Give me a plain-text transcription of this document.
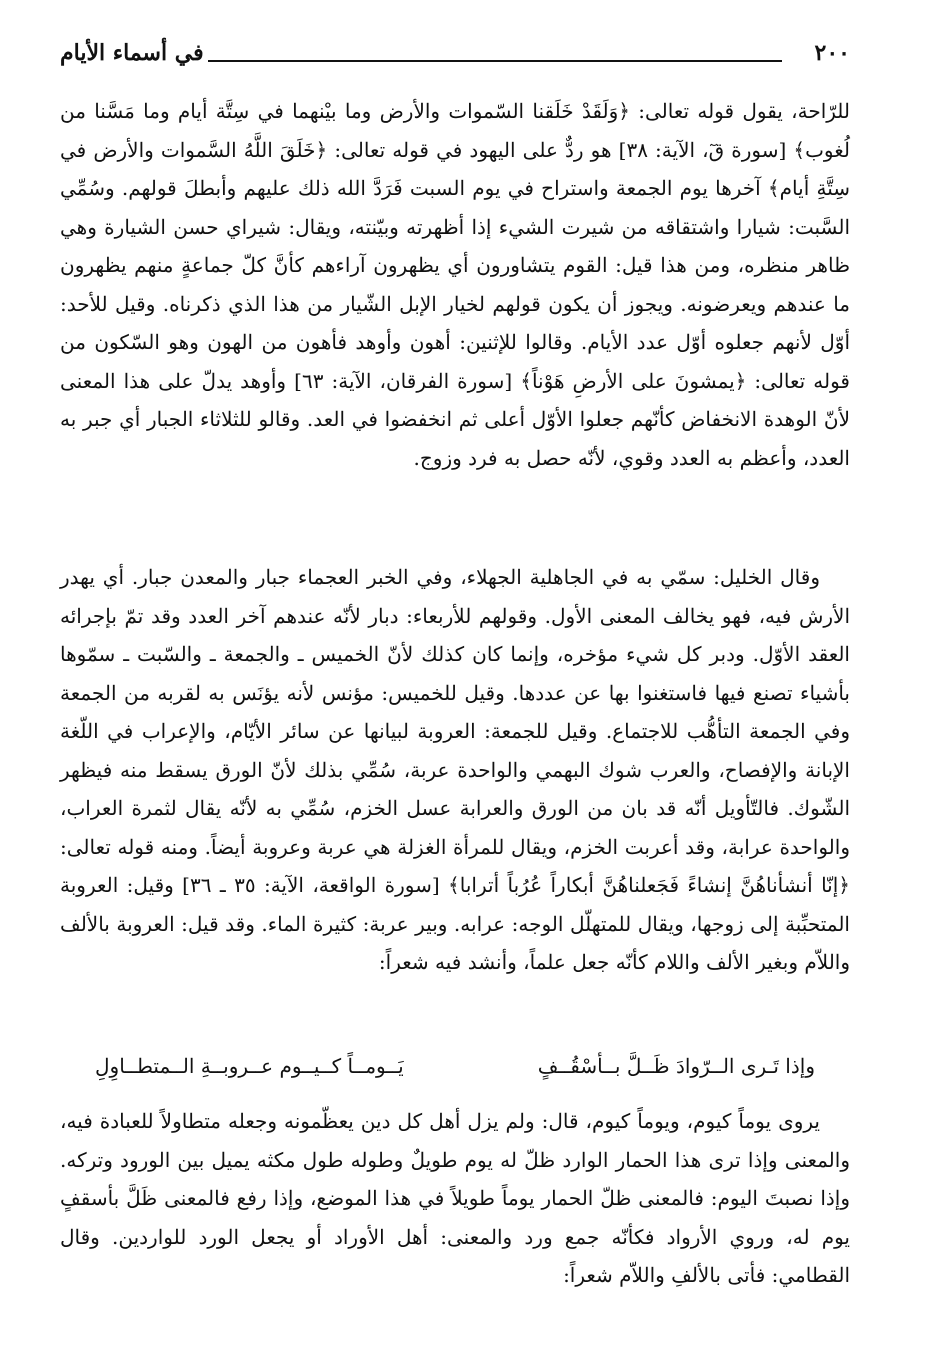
في أسماء الأيام	٢٠٠

للرّاحة، يقول قوله تعالى: ﴿وَلَقَدْ خَلَقنا السّموات والأرض وما بيْنهما في سِتَّة أيام وما مَسَّنا من لُغوب﴾ [سورة قٓ، الآية: ٣٨] هو ردٌّ على اليهود في قوله تعالى: ﴿خَلَقَ اللَّهُ السَّموات والأرض في سِتَّةِ أيام﴾ آخرها يوم الجمعة واستراح في يوم السبت فَرَدَّ الله ذلك عليهم وأبطلَ قولهم. وسُمِّي السَّبت: شيارا واشتقاقه من شيرت الشيء إذا أظهرته وبيّنته، ويقال: شيراي حسن الشيارة وهي ظاهر منظره، ومن هذا قيل: القوم يتشاورون أي يظهرون آراءهم كأنَّ كلّ جماعةٍ منهم يظهرون ما عندهم ويعرضونه. ويجوز أن يكون قولهم لخيار الإبل الشّيار من هذا الذي ذكرناه. وقيل للأحد: أوّل لأنهم جعلوه أوّل عدد الأيام. وقالوا للإثنين: أهون وأوهد فأهون من الهون وهو السّكون من قوله تعالى: ﴿يمشونَ على الأرضِ هَوْناً﴾ [سورة الفرقان، الآية: ٦٣] وأوهد يدلّ على هذا المعنى لأنّ الوهدة الانخفاض كأنّهم جعلوا الأوّل أعلى ثم انخفضوا في العد. وقالو للثلاثاء الجبار أي جبر به العدد، وأعظم به العدد وقوي، لأنّه حصل به فرد وزوج.

وقال الخليل: سمّي به في الجاهلية الجهلاء، وفي الخبر العجماء جبار والمعدن جبار. أي يهدر الأرش فيه، فهو يخالف المعنى الأول. وقولهم للأربعاء: دبار لأنّه عندهم آخر العدد وقد تمّ بإجرائه العقد الأوّل. ودبر كل شيء مؤخره، وإنما كان كذلك لأنّ الخميس ـ والجمعة ـ والسّبت ـ سمّوها بأشياء تصنع فيها فاستغنوا بها عن عددها. وقيل للخميس: مؤنس لأنه يؤنَس به لقربه من الجمعة وفي الجمعة التأهُّب للاجتماع. وقيل للجمعة: العروبة لبيانها عن سائر الأيّام، والإعراب في اللّغة الإبانة والإفصاح، والعرب شوك البهمي والواحدة عربة، سُمِّي بذلك لأنّ الورق يسقط منه فيظهر الشّوك. فالتّأويل أنّه قد بان من الورق والعرابة عسل الخزم، سُمِّي به لأنّه يقال لثمرة العراب، والواحدة عرابة، وقد أعربت الخزم، ويقال للمرأة الغزلة هي عربة وعروبة أيضاً. ومنه قوله تعالى: ﴿إنّا أنشأناهُنَّ إنشاءً فَجَعلناهُنَّ أبكاراً عُرُباً أترابا﴾ [سورة الواقعة، الآية: ٣٥ ـ ٣٦] وقيل: العروبة المتحبِّبة إلى زوجها، ويقال للمتهلّل الوجه: عرابه. وبير عربة: كثيرة الماء. وقد قيل: العروبة بالألف واللاّم وبغير الألف واللام كأنّه جعل علماً، وأنشد فيه شعراً:

وإذا تَـرى الــرّوادَ ظَــلَّ بــأسْقُــفٍ
يَــومــاً كــيــوم عــروبــةِ الــمتطــاوِلِ

يروى يوماً كيوم، ويوماً كيوم، قال: ولم يزل أهل كل دين يعظّمونه وجعله متطاولاً للعبادة فيه، والمعنى وإذا ترى هذا الحمار الوارد ظلّ له يوم طويلٌ وطوله طول مكثه يميل بين الورود وتركه. وإذا نصبتَ اليوم: فالمعنى ظلّ الحمار يوماً طويلاً في هذا الموضع، وإذا رفع فالمعنى ظَلَّ بأسقفٍ يوم له، وروي الأرواد فكأنّه جمع ورد والمعنى: أهل الأوراد أو يجعل الورد للواردين. وقال القطامي: فأتى بالألفِ واللاّم شعراً:
